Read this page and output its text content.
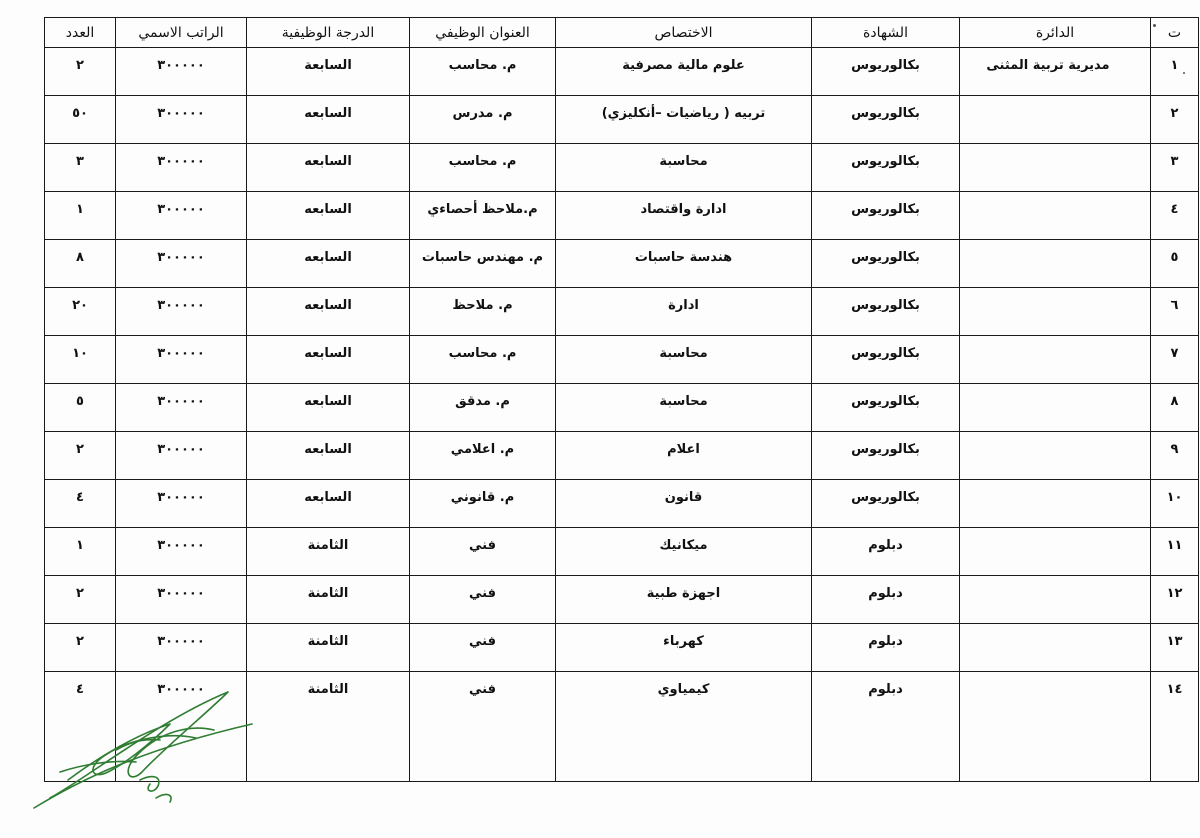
ت	الدائرة	الشهادة	الاختصاص	العنوان الوظيفي	الدرجة الوظيفية	الراتب الاسمي	العدد
١	مديرية تربية المثنى	بكالوريوس	علوم مالية مصرفية	م. محاسب	السابعة	٣٠٠٠٠٠	٢
٢		بكالوريوس	تربيه ( رياضيات –أنكليزي)	م. مدرس	السابعه	٣٠٠٠٠٠	٥٠
٣		بكالوريوس	محاسبة	م. محاسب	السابعه	٣٠٠٠٠٠	٣
٤		بكالوريوس	ادارة واقتصاد	م.ملاحظ أحصاءي	السابعه	٣٠٠٠٠٠	١
٥		بكالوريوس	هندسة حاسبات	م. مهندس حاسبات	السابعه	٣٠٠٠٠٠	٨
٦		بكالوريوس	ادارة	م. ملاحظ	السابعه	٣٠٠٠٠٠	٢٠
٧		بكالوريوس	محاسبة	م. محاسب	السابعه	٣٠٠٠٠٠	١٠
٨		بكالوريوس	محاسبة	م. مدقق	السابعه	٣٠٠٠٠٠	٥
٩		بكالوريوس	اعلام	م. اعلامي	السابعه	٣٠٠٠٠٠	٢
١٠		بكالوريوس	قانون	م. قانوني	السابعه	٣٠٠٠٠٠	٤
١١		دبلوم	ميكانيك	فني	الثامنة	٣٠٠٠٠٠	١
١٢		دبلوم	اجهزة طبية	فني	الثامنة	٣٠٠٠٠٠	٢
١٣		دبلوم	كهرباء	فني	الثامنة	٣٠٠٠٠٠	٢
١٤		دبلوم	كيمياوي	فني	الثامنة	٣٠٠٠٠٠	٤
